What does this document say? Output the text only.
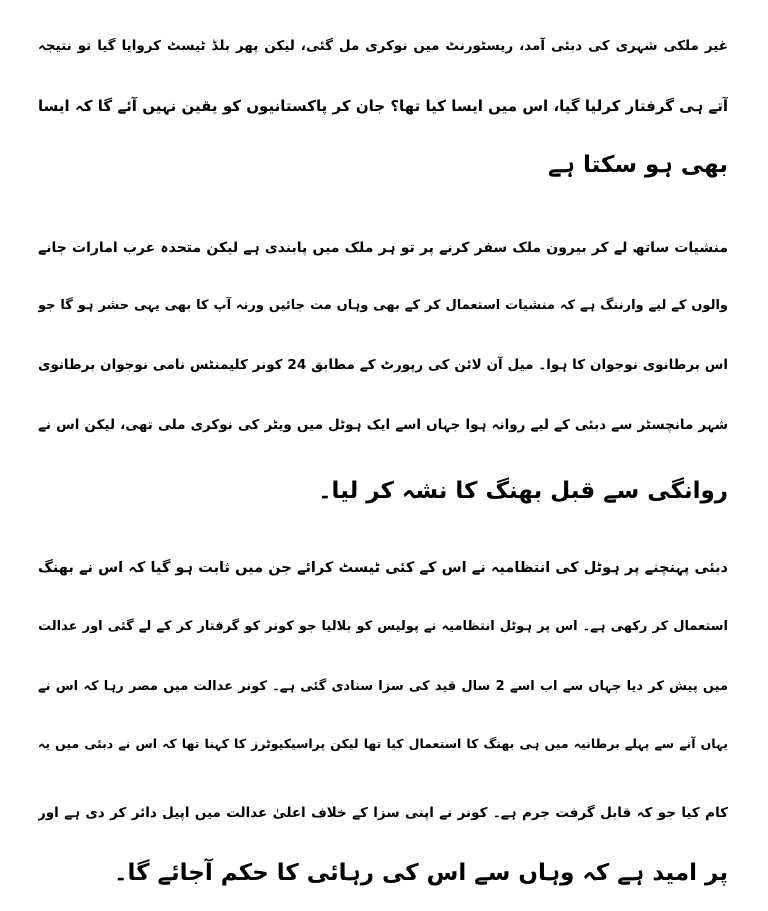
غیر ملکی شہری کی دبئی آمد، ریسٹورنٹ میں نوکری مل گئی، لیکن پھر بلڈ ٹیسٹ کروایا گیا تو نتیجہ
آتے ہی گرفتار کرلیا گیا، اس میں ایسا کیا تھا؟ جان کر پاکستانیوں کو یقین نہیں آئے گا کہ ایسا
بھی ہو سکتا ہے
منشیات ساتھ لے کر بیرون ملک سفر کرنے پر تو ہر ملک میں پابندی ہے لیکن متحدہ عرب امارات جانے
والوں کے لیے وارننگ ہے کہ منشیات استعمال کر کے بھی وہاں مت جائیں ورنہ آپ کا بھی یہی حشر ہو گا جو
اس برطانوی نوجوان کا ہوا۔ میل آن لائن کی رپورٹ کے مطابق 24 کونر کلیمنٹس نامی نوجوان برطانوی
شہر مانچسٹر سے دبئی کے لیے روانہ ہوا جہاں اسے ایک ہوٹل میں ویٹر کی نوکری ملی تھی، لیکن اس نے
روانگی سے قبل بھنگ کا نشہ کر لیا۔
دبئی پہنچنے پر ہوٹل کی انتظامیہ نے اس کے کئی ٹیسٹ کرائے جن میں ثابت ہو گیا کہ اس نے بھنگ
استعمال کر رکھی ہے۔ اس پر ہوٹل انتظامیہ نے پولیس کو بلالیا جو کونر کو گرفتار کر کے لے گئی اور عدالت
میں پیش کر دیا جہاں سے اب اسے 2 سال قید کی سزا سنادی گئی ہے۔ کونر عدالت میں مصر رہا کہ اس نے
یہاں آنے سے پہلے برطانیہ میں ہی بھنگ کا استعمال کیا تھا لیکن پراسیکیوٹرز کا کہنا تھا کہ اس نے دبئی میں یہ
کام کیا جو کہ قابل گرفت جرم ہے۔ کونر نے اپنی سزا کے خلاف اعلیٰ عدالت میں اپیل دائر کر دی ہے اور
پر امید ہے کہ وہاں سے اس کی رہائی کا حکم آجائے گا۔
